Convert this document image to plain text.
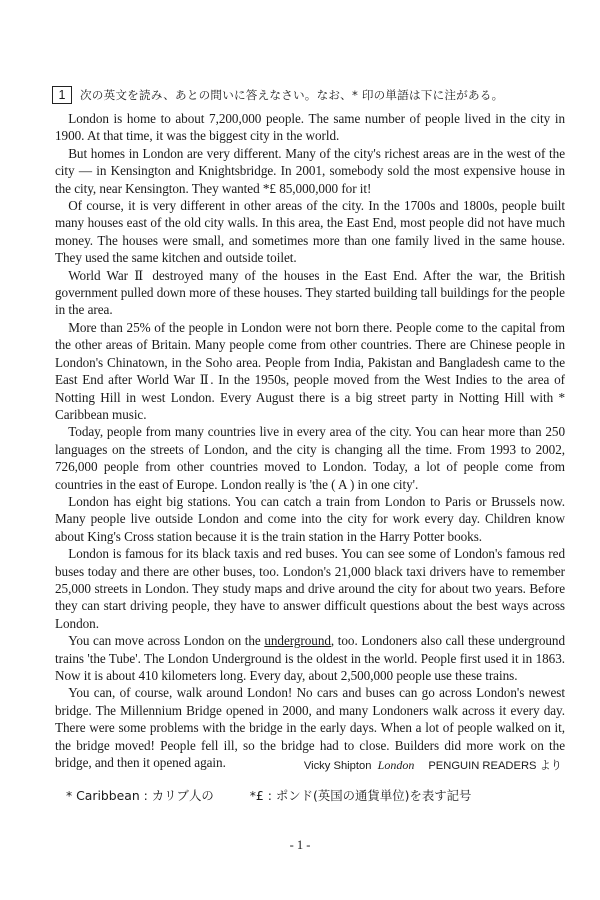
1	次の英文を読み、あとの問いに答えなさい。なお、* 印の単語は下に注がある。

London is home to about 7,200,000 people. The same number of people lived in the city in 1900. At that time, it was the biggest city in the world.

But homes in London are very different. Many of the city's richest areas are in the west of the city — in Kensington and Knightsbridge. In 2001, somebody sold the most expensive house in the city, near Kensington. They wanted *£ 85,000,000 for it!

Of course, it is very different in other areas of the city. In the 1700s and 1800s, people built many houses east of the old city walls. In this area, the East End, most people did not have much money. The houses were small, and sometimes more than one family lived in the same house. They used the same kitchen and outside toilet.

World War Ⅱ destroyed many of the houses in the East End. After the war, the British government pulled down more of these houses. They started building tall buildings for the people in the area.

More than 25% of the people in London were not born there. People come to the capital from the other areas of Britain. Many people come from other countries. There are Chinese people in London's Chinatown, in the Soho area. People from India, Pakistan and Bangladesh came to the East End after World War Ⅱ. In the 1950s, people moved from the West Indies to the area of Notting Hill in west London. Every August there is a big street party in Notting Hill with * Caribbean music.

Today, people from many countries live in every area of the city. You can hear more than 250 languages on the streets of London, and the city is changing all the time. From 1993 to 2002, 726,000 people from other countries moved to London. Today, a lot of people come from countries in the east of Europe. London really is 'the ( A ) in one city'.

London has eight big stations. You can catch a train from London to Paris or Brussels now. Many people live outside London and come into the city for work every day. Children know about King's Cross station because it is the train station in the Harry Potter books.

London is famous for its black taxis and red buses. You can see some of London's famous red buses today and there are other buses, too. London's 21,000 black taxi drivers have to remember 25,000 streets in London. They study maps and drive around the city for about two years. Before they can start driving people, they have to answer difficult questions about the best ways across London.

You can move across London on the underground, too. Londoners also call these underground trains 'the Tube'. The London Underground is the oldest in the world. People first used it in 1863. Now it is about 410 kilometers long. Every day, about 2,500,000 people use these trains.

You can, of course, walk around London! No cars and buses can go across London's newest bridge. The Millennium Bridge opened in 2000, and many Londoners walk across it every day. There were some problems with the bridge in the early days. When a lot of people walked on it, the bridge moved! People fell ill, so the bridge had to close. Builders did more work on the bridge, and then it opened again.	Vicky Shipton London PENGUIN READERS より
* Caribbean : カリブ人の	*£ : ポンド(英国の通貨単位)を表す記号
- 1 -
